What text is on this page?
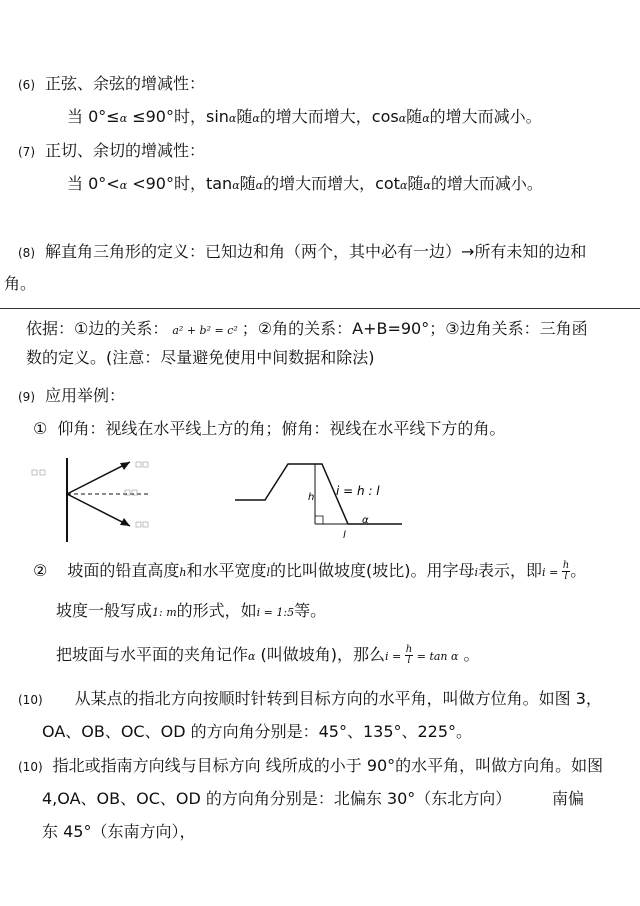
(6) 正弦、余弦的增减性：
当 0°≤α ≤90°时，sinα随α的增大而增大，cosα随α的增大而减小。
(7) 正切、余切的增减性：
当 0°<α <90°时，tanα随α的增大而增大，cotα随α的增大而减小。
(8) 解直角三角形的定义：已知边和角（两个，其中必有一边）→所有未知的边和
角。
依据：①边的关系： a² + b² = c² ；②角的关系：A+B=90°；③边角关系：三角函
数的定义。(注意：尽量避免使用中间数据和除法)
(9) 应用举例：
① 仰角：视线在水平线上方的角；俯角：视线在水平线下方的角。
h i = h : l
l
α
② 坡面的铅直高度h和水平宽度l的比叫做坡度(坡比)。用字母i表示，即$i = \frac{h}{l}$ 。
坡度一般写成1: m的形式，如i = 1:5等。
把坡面与水平面的夹角记作α (叫做坡角)，那么$i = \frac{h}{l} = \tan \alpha$ 。
(10) 从某点的指北方向按顺时针转到目标方向的水平角，叫做方位角。如图 3，
OA、OB、OC、OD 的方向角分别是：45°、135°、225°。
(10) 指北或指南方向线与目标方向 线所成的小于 90°的水平角，叫做方向角。如图
4,OA、OB、OC、OD 的方向角分别是：北偏东 30°（东北方向）        南偏
东 45°（东南方向），
